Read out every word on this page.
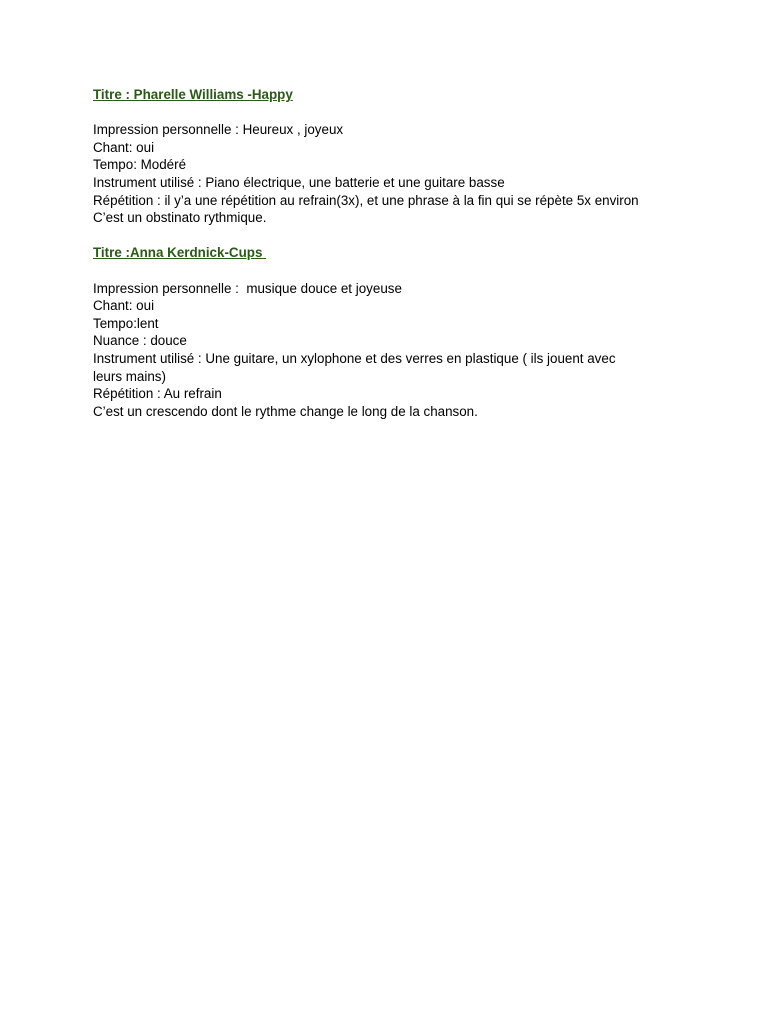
Titre : Pharelle Williams -Happy

Impression personnelle : Heureux , joyeux

Chant: oui

Tempo: Modéré

Instrument utilisé : Piano électrique, une batterie et une guitare basse

Répétition : il y’a une répétition au refrain(3x), et une phrase à la fin qui se répète 5x environ

C’est un obstinato rythmique.

Titre :Anna Kerdnick-Cups

Impression personnelle :  musique douce et joyeuse

Chant: oui

Tempo:lent

Nuance : douce

Instrument utilisé : Une guitare, un xylophone et des verres en plastique ( ils jouent avec

leurs mains)

Répétition : Au refrain

C’est un crescendo dont le rythme change le long de la chanson.
